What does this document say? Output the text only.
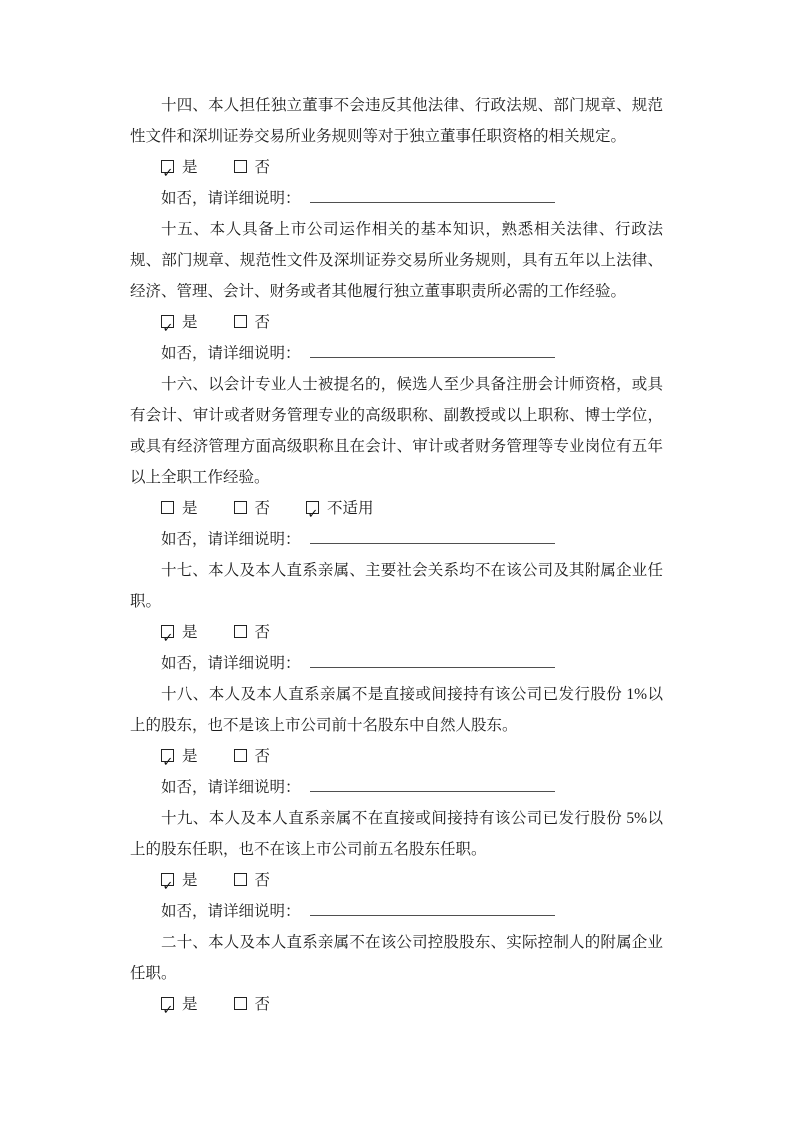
十四、本人担任独立董事不会违反其他法律、行政法规、部门规章、规范性文件和深圳证券交易所业务规则等对于独立董事任职资格的相关规定。

✓是	否

如否，请详细说明：

十五、本人具备上市公司运作相关的基本知识，熟悉相关法律、行政法规、部门规章、规范性文件及深圳证券交易所业务规则，具有五年以上法律、经济、管理、会计、财务或者其他履行独立董事职责所必需的工作经验。

✓是	否

如否，请详细说明：

十六、以会计专业人士被提名的，候选人至少具备注册会计师资格，或具有会计、审计或者财务管理专业的高级职称、副教授或以上职称、博士学位，或具有经济管理方面高级职称且在会计、审计或者财务管理等专业岗位有五年以上全职工作经验。

是	否 ✓	不适用

如否，请详细说明：

十七、本人及本人直系亲属、主要社会关系均不在该公司及其附属企业任职。

✓是	否

如否，请详细说明：

十八、本人及本人直系亲属不是直接或间接持有该公司已发行股份 1%以上的股东，也不是该上市公司前十名股东中自然人股东。

✓是	否

如否，请详细说明：

十九、本人及本人直系亲属不在直接或间接持有该公司已发行股份 5%以上的股东任职，也不在该上市公司前五名股东任职。

✓是	否

如否，请详细说明：

二十、本人及本人直系亲属不在该公司控股股东、实际控制人的附属企业任职。

✓是	否
